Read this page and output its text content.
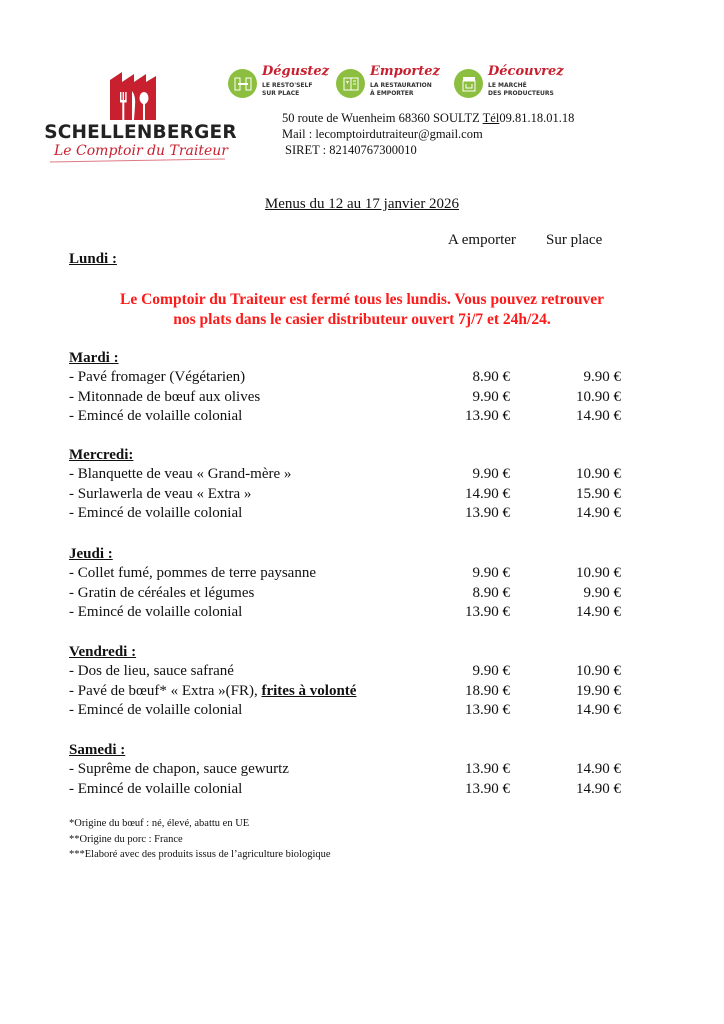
SCHELLENBERGER
Le Comptoir du Traiteur
Dégustez
LE RESTO'SELF
SUR PLACE
Emportez
LA RESTAURATION
À EMPORTER
Découvrez
LE MARCHÉ
DES PRODUCTEURS
50 route de Wuenheim 68360 SOULTZ Tél09.81.18.01.18
Mail : lecomptoirdutraiteur@gmail.com
SIRET : 82140767300010
Menus du 12 au 17 janvier 2026
A emporter Sur place
Lundi :
Le Comptoir du Traiteur est fermé tous les lundis. Vous pouvez retrouver
nos plats dans le casier distributeur ouvert 7j/7 et 24h/24.
Mardi :
- Pavé fromager (Végétarien)	8.90 €	9.90 €
- Mitonnade de bœuf aux olives	9.90 €	10.90 €
- Emincé de volaille colonial	13.90 €	14.90 €
Mercredi:
- Blanquette de veau « Grand-mère »	9.90 €	10.90 €
- Surlawerla de veau « Extra »	14.90 €	15.90 €
- Emincé de volaille colonial	13.90 €	14.90 €
Jeudi :
- Collet fumé, pommes de terre paysanne	9.90 €	10.90 €
- Gratin de céréales et légumes	8.90 €	9.90 €
- Emincé de volaille colonial	13.90 €	14.90 €
Vendredi :
- Dos de lieu, sauce safrané	9.90 €	10.90 €
- Pavé de bœuf* « Extra »(FR), frites à volonté	18.90 €	19.90 €
- Emincé de volaille colonial	13.90 €	14.90 €
Samedi :
- Suprême de chapon, sauce gewurtz	13.90 €	14.90 €
- Emincé de volaille colonial	13.90 €	14.90 €
*Origine du bœuf : né, élevé, abattu en UE
**Origine du porc : France
***Elaboré avec des produits issus de l’agriculture biologique
